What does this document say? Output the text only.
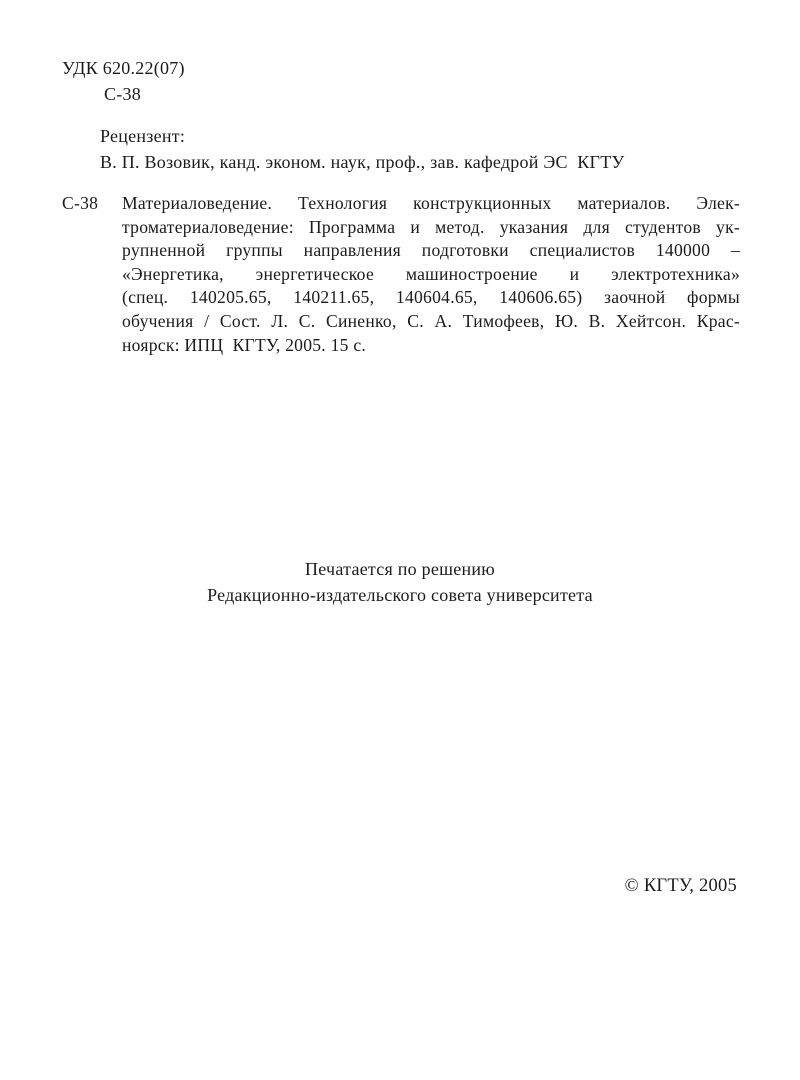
УДК 620.22(07)
С-38
Рецензент:
В. П. Возовик, канд. эконом. наук, проф., зав. кафедрой ЭС  КГТУ
С-38 Материаловедение. Технология конструкционных материалов. Элек-
троматериаловедение: Программа и метод. указания для студентов ук-
рупненной группы направления подготовки специалистов 140000 –
«Энергетика, энергетическое машиностроение и электротехника»
(спец. 140205.65, 140211.65, 140604.65, 140606.65) заочной формы
обучения / Сост. Л. С. Синенко, С. А. Тимофеев, Ю. В. Хейтсон. Крас-
ноярск: ИПЦ  КГТУ, 2005. 15 с.
Печатается по решению
Редакционно-издательского совета университета
© КГТУ, 2005
